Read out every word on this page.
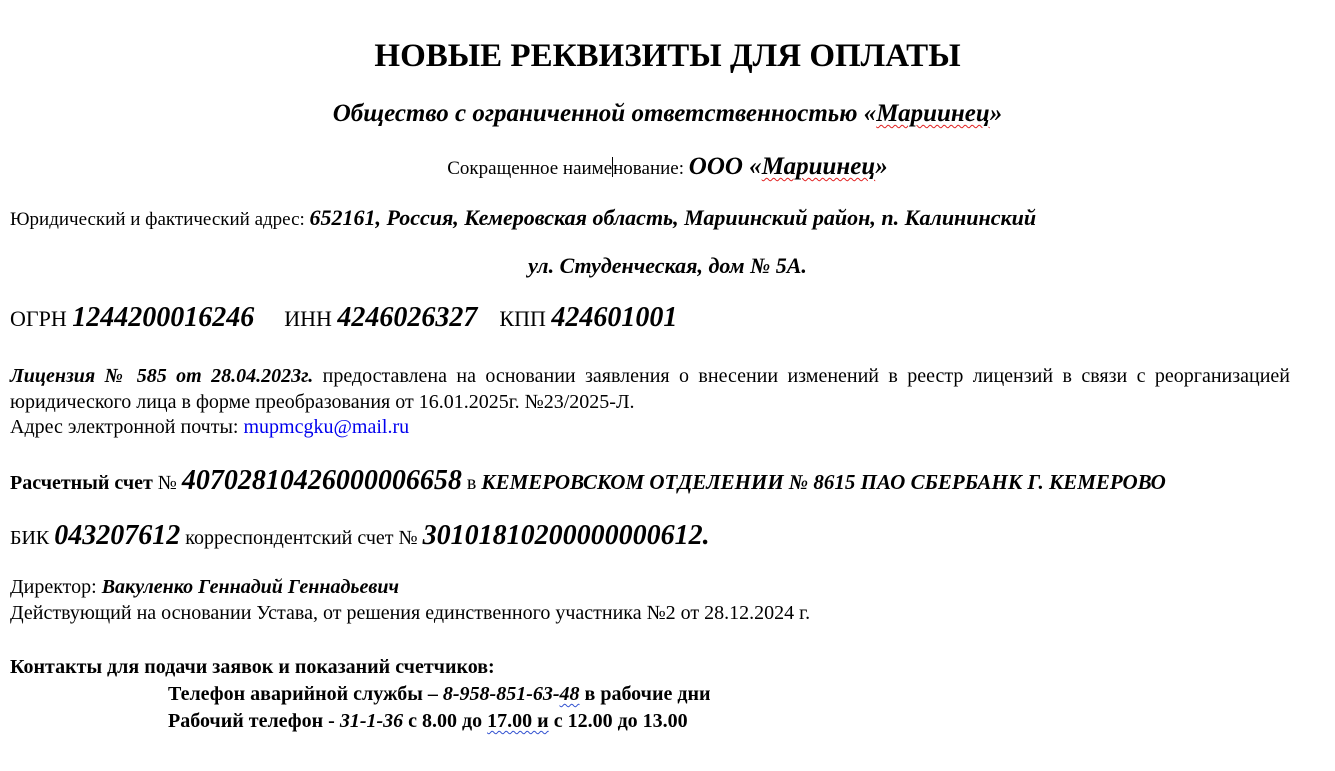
НОВЫЕ РЕКВИЗИТЫ ДЛЯ ОПЛАТЫ
Общество с ограниченной ответственностью «Мариинец»
Сокращенное наименование: ООО «Мариинец»
Юридический и фактический адрес: 652161, Россия, Кемеровская область, Мариинский район, п. Калининский
ул. Студенческая, дом № 5А.
ОГРН 1244200016246 ИНН 4246026327 КПП 424601001
Лицензия № 585 от 28.04.2023г. предоставлена на основании заявления о внесении изменений в реестр лицензий в связи с реорганизацией юридического лица в форме преобразования от 16.01.2025г. №23/2025-Л.
Адрес электронной почты: mupmcgku@mail.ru
Расчетный счет № 40702810426000006658 в КЕМЕРОВСКОМ ОТДЕЛЕНИИ № 8615 ПАО СБЕРБАНК Г. КЕМЕРОВО
БИК 043207612 корреспондентский счет № 30101810200000000612.
Директор: Вакуленко Геннадий Геннадьевич
Действующий на основании Устава, от решения единственного участника №2 от 28.12.2024 г.
Контакты для подачи заявок и показаний счетчиков:
Телефон аварийной службы – 8-958-851-63-48 в рабочие дни
Рабочий телефон - 31-1-36 с 8.00 до 17.00 и с 12.00 до 13.00
